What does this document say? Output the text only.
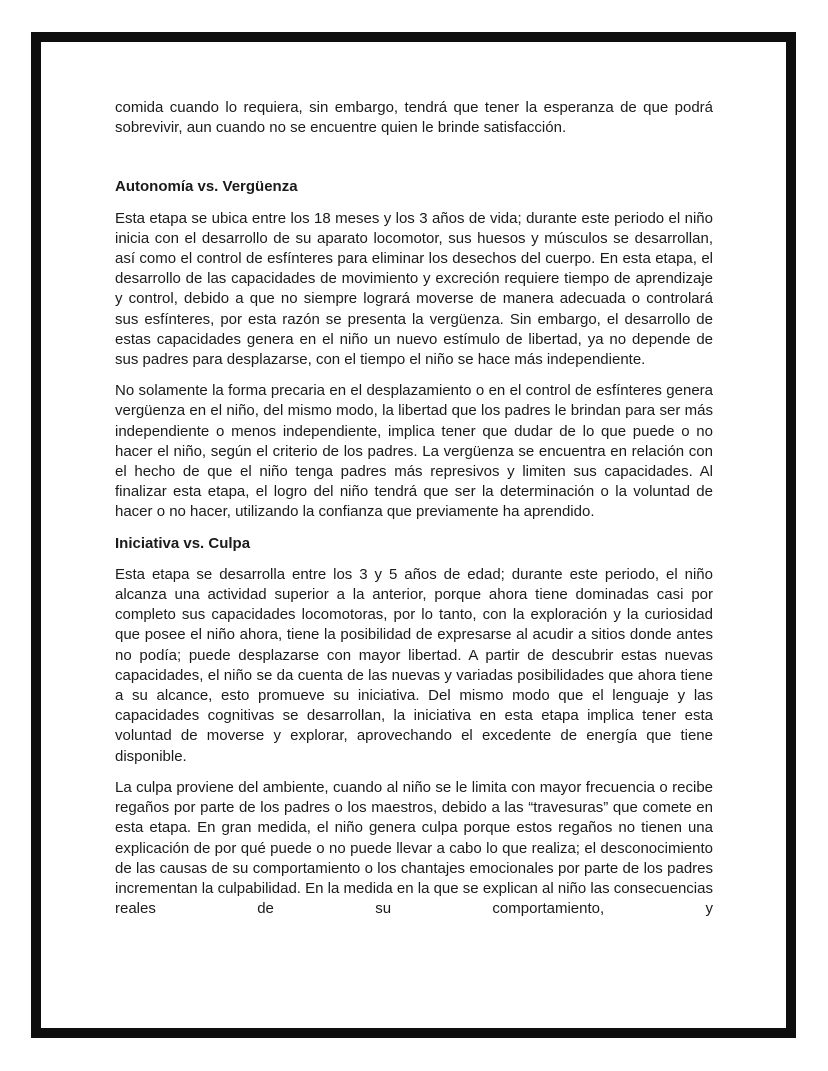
comida cuando lo requiera, sin embargo, tendrá que tener la esperanza de que podrá sobrevivir, aun cuando no se encuentre quien le brinde satisfacción.

Autonomía vs. Vergüenza

Esta etapa se ubica entre los 18 meses y los 3 años de vida; durante este periodo el niño inicia con el desarrollo de su aparato locomotor, sus huesos y músculos se desarrollan, así como el control de esfínteres para eliminar los desechos del cuerpo. En esta etapa, el desarrollo de las capacidades de movimiento y excreción requiere tiempo de aprendizaje y control, debido a que no siempre logrará moverse de manera adecuada o controlará sus esfínteres, por esta razón se presenta la vergüenza. Sin embargo, el desarrollo de estas capacidades genera en el niño un nuevo estímulo de libertad, ya no depende de sus padres para desplazarse, con el tiempo el niño se hace más independiente.

No solamente la forma precaria en el desplazamiento o en el control de esfínteres genera vergüenza en el niño, del mismo modo, la libertad que los padres le brindan para ser más independiente o menos independiente, implica tener que dudar de lo que puede o no hacer el niño, según el criterio de los padres. La vergüenza se encuentra en relación con el hecho de que el niño tenga padres más represivos y limiten sus capacidades. Al finalizar esta etapa, el logro del niño tendrá que ser la determinación o la voluntad de hacer o no hacer, utilizando la confianza que previamente ha aprendido.

Iniciativa vs. Culpa

Esta etapa se desarrolla entre los 3 y 5 años de edad; durante este periodo, el niño alcanza una actividad superior a la anterior, porque ahora tiene dominadas casi por completo sus capacidades locomotoras, por lo tanto, con la exploración y la curiosidad que posee el niño ahora, tiene la posibilidad de expresarse al acudir a sitios donde antes no podía; puede desplazarse con mayor libertad. A partir de descubrir estas nuevas capacidades, el niño se da cuenta de las nuevas y variadas posibilidades que ahora tiene a su alcance, esto promueve su iniciativa. Del mismo modo que el lenguaje y las capacidades cognitivas se desarrollan, la iniciativa en esta etapa implica tener esta voluntad de moverse y explorar, aprovechando el excedente de energía que tiene disponible.

La culpa proviene del ambiente, cuando al niño se le limita con mayor frecuencia o recibe regaños por parte de los padres o los maestros, debido a las “travesuras” que comete en esta etapa. En gran medida, el niño genera culpa porque estos regaños no tienen una explicación de por qué puede o no puede llevar a cabo lo que realiza; el desconocimiento de las causas de su comportamiento o los chantajes emocionales por parte de los padres incrementan la culpabilidad. En la medida en la que se explican al niño las consecuencias reales de su comportamiento, y
